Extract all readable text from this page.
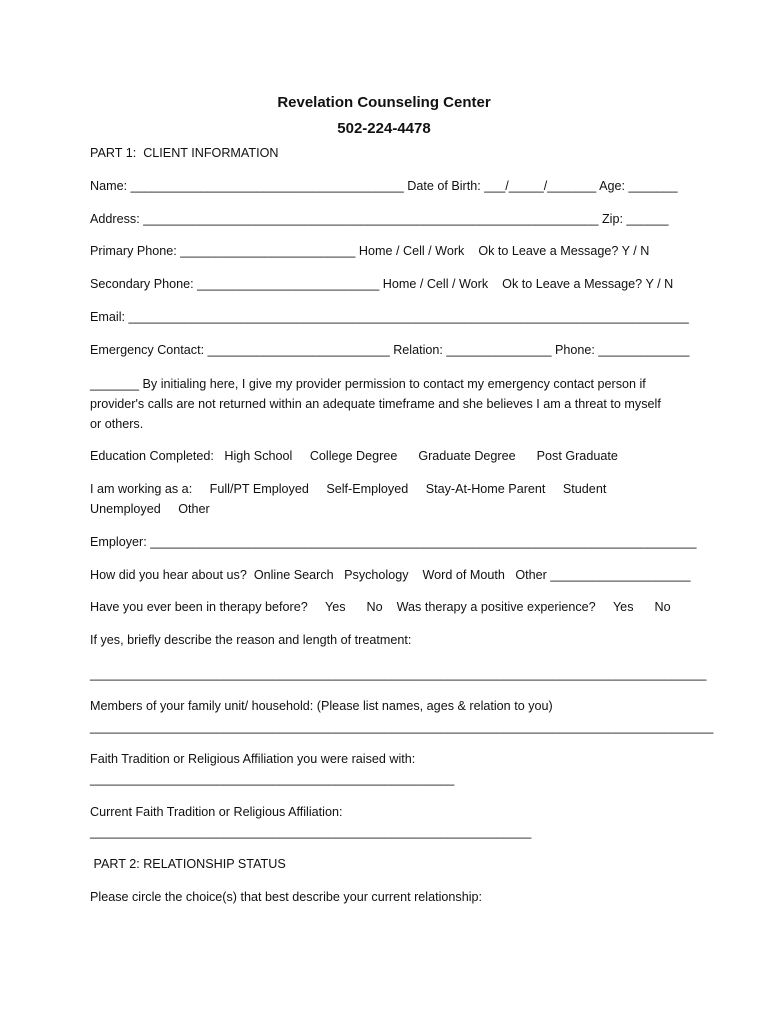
Revelation Counseling Center
502-224-4478
PART 1:  CLIENT INFORMATION
Name: _______________________________________ Date of Birth: ___/_____/_______ Age: _______
Address: _________________________________________________________________ Zip: ______
Primary Phone: _________________________ Home / Cell / Work    Ok to Leave a Message? Y / N
Secondary Phone: __________________________ Home / Cell / Work    Ok to Leave a Message? Y / N
Email: ________________________________________________________________________________
Emergency Contact: __________________________ Relation: _______________ Phone: _____________
_______ By initialing here, I give my provider permission to contact my emergency contact person if provider's calls are not returned within an adequate timeframe and she believes I am a threat to myself or others.
Education Completed:   High School     College Degree      Graduate Degree      Post Graduate
I am working as a:     Full/PT Employed     Self-Employed     Stay-At-Home Parent     Student
Unemployed     Other
Employer: ______________________________________________________________________________
How did you hear about us?  Online Search   Psychology    Word of Mouth   Other ____________________
Have you ever been in therapy before?     Yes      No    Was therapy a positive experience?     Yes      No
If yes, briefly describe the reason and length of treatment:
________________________________________________________________________________________
Members of your family unit/ household: (Please list names, ages & relation to you)
_________________________________________________________________________________________
Faith Tradition or Religious Affiliation you were raised with:
____________________________________________________
Current Faith Tradition or Religious Affiliation:
_______________________________________________________________
PART 2: RELATIONSHIP STATUS
Please circle the choice(s) that best describe your current relationship:
